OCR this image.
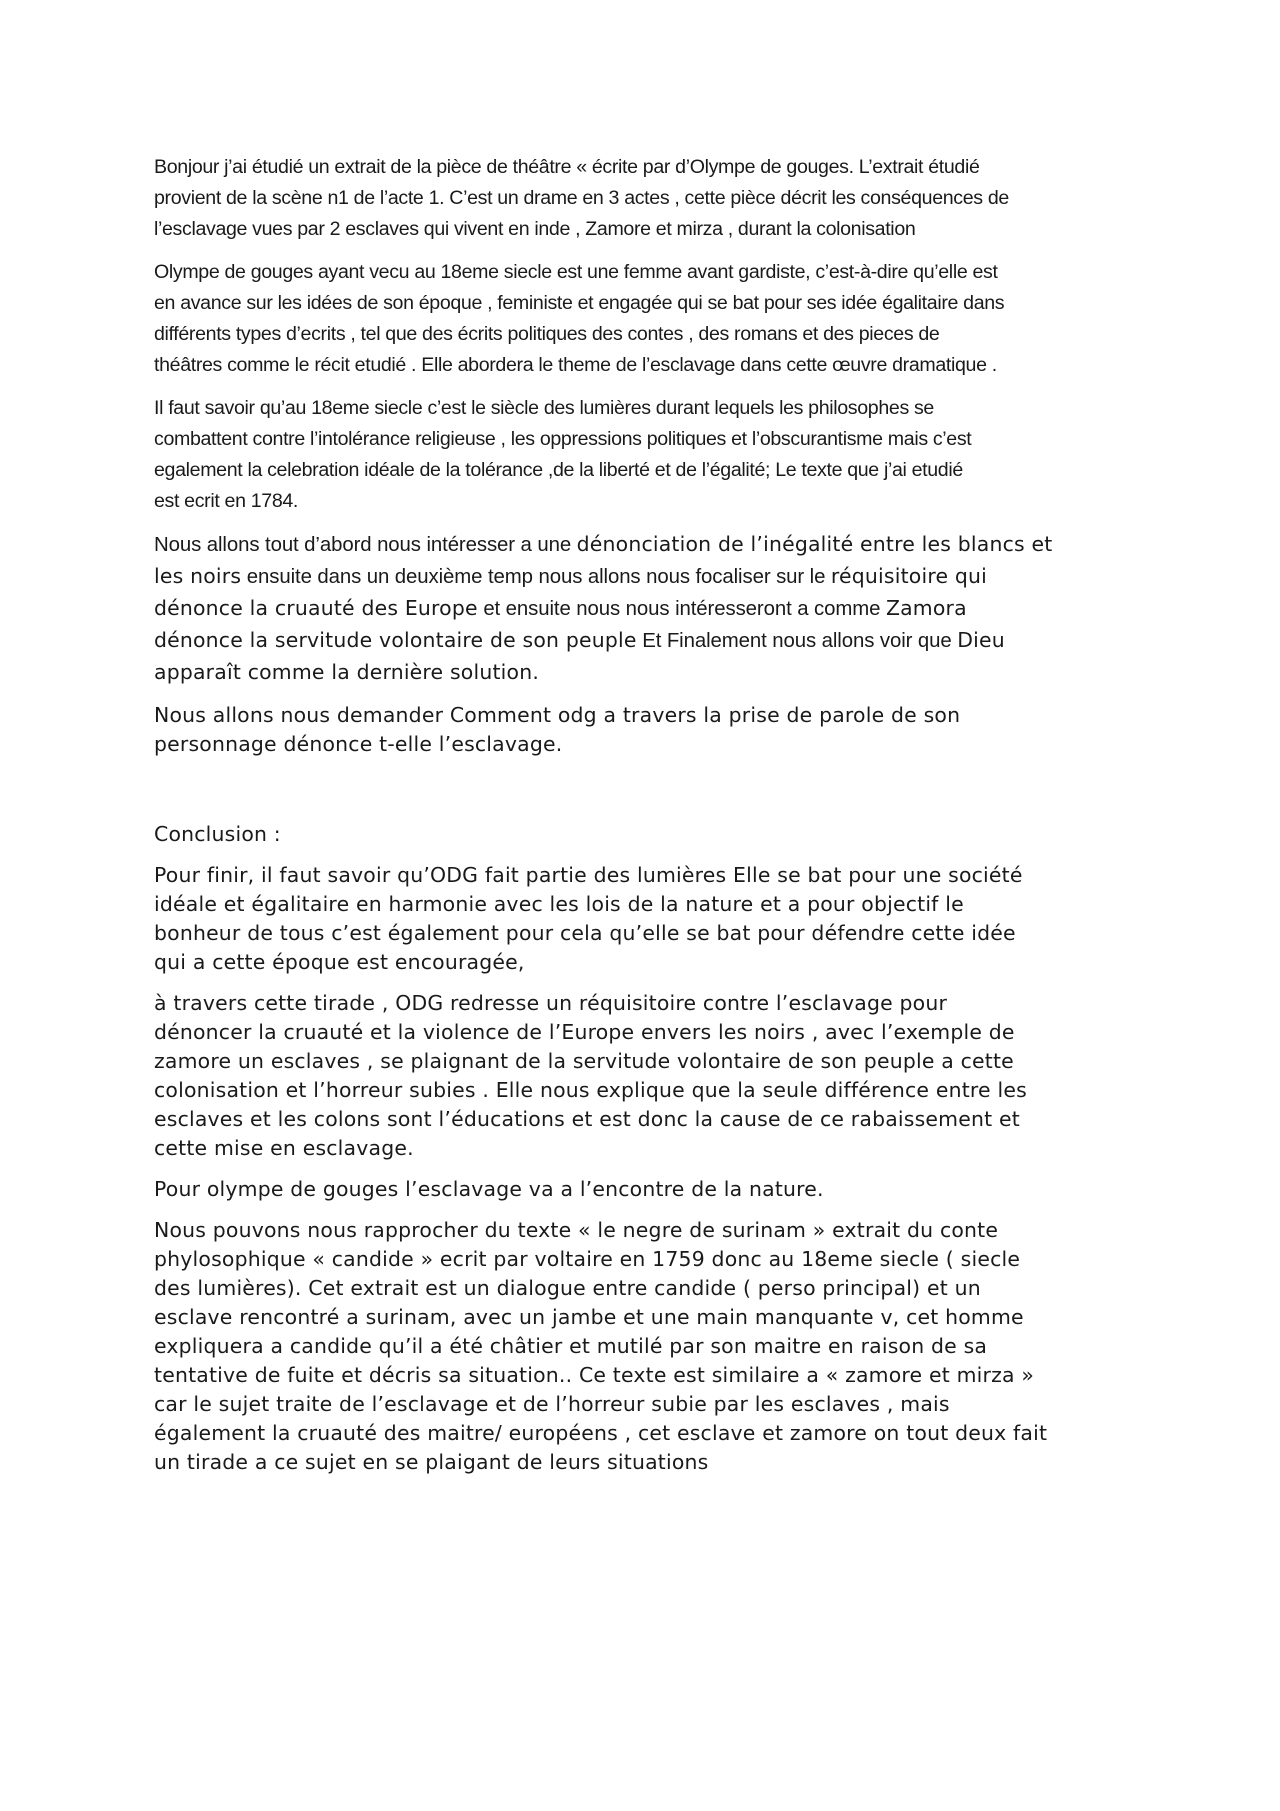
Bonjour j’ai étudié un extrait de la pièce de théâtre « écrite par d’Olympe de gouges. L’extrait étudié
provient de la scène n1 de l’acte 1. C’est un drame en 3 actes , cette pièce décrit les conséquences de
l’esclavage vues par 2 esclaves qui vivent en inde , Zamore et mirza , durant la colonisation

Olympe de gouges ayant vecu au 18eme siecle est une femme avant gardiste, c’est-à-dire qu’elle est
en avance sur les idées de son époque , feministe et engagée qui se bat pour ses idée égalitaire dans
différents types d’ecrits , tel que des écrits politiques des contes , des romans et des pieces de
théâtres comme le récit etudié . Elle abordera le theme de l’esclavage dans cette œuvre dramatique .

Il faut savoir qu’au 18eme siecle c’est le siècle des lumières durant lequels les philosophes se
combattent contre l’intolérance religieuse , les oppressions politiques et l’obscurantisme mais c’est
egalement la celebration idéale de la tolérance ,de la liberté et de l’égalité; Le texte que j’ai etudié
est ecrit en 1784.

Nous allons tout d’abord nous intéresser a une dénonciation de l’inégalité entre les blancs et
les noirs ensuite dans un deuxième temp nous allons nous focaliser sur le réquisitoire qui
dénonce la cruauté des Europe et ensuite nous nous intéresseront a comme Zamora
dénonce la servitude volontaire de son peuple Et Finalement nous allons voir que Dieu
apparaît comme la dernière solution.

Nous allons nous demander Comment odg a travers la prise de parole de son
personnage dénonce t-elle l’esclavage.

Conclusion :

Pour finir, il faut savoir qu’ODG fait partie des lumières Elle se bat pour une société
idéale et égalitaire en harmonie avec les lois de la nature et a pour objectif le
bonheur de tous c’est également pour cela qu’elle se bat pour défendre cette idée
qui a cette époque est encouragée,

à travers cette tirade , ODG redresse un réquisitoire contre l’esclavage pour
dénoncer la cruauté et la violence de l’Europe envers les noirs , avec l’exemple de
zamore un esclaves , se plaignant de la servitude volontaire de son peuple a cette
colonisation et l’horreur subies . Elle nous explique que la seule différence entre les
esclaves et les colons sont l’éducations et est donc la cause de ce rabaissement et
cette mise en esclavage.

Pour olympe de gouges l’esclavage va a l’encontre de la nature.

Nous pouvons nous rapprocher du texte « le negre de surinam » extrait du conte
phylosophique « candide » ecrit par voltaire en 1759 donc au 18eme siecle ( siecle
des lumières). Cet extrait est un dialogue entre candide ( perso principal) et un
esclave rencontré a surinam, avec un jambe et une main manquante v, cet homme
expliquera a candide qu’il a été châtier et mutilé par son maitre en raison de sa
tentative de fuite et décris sa situation.. Ce texte est similaire a « zamore et mirza »
car le sujet traite de l’esclavage et de l’horreur subie par les esclaves , mais
également la cruauté des maitre/ européens , cet esclave et zamore on tout deux fait
un tirade a ce sujet en se plaigant de leurs situations
